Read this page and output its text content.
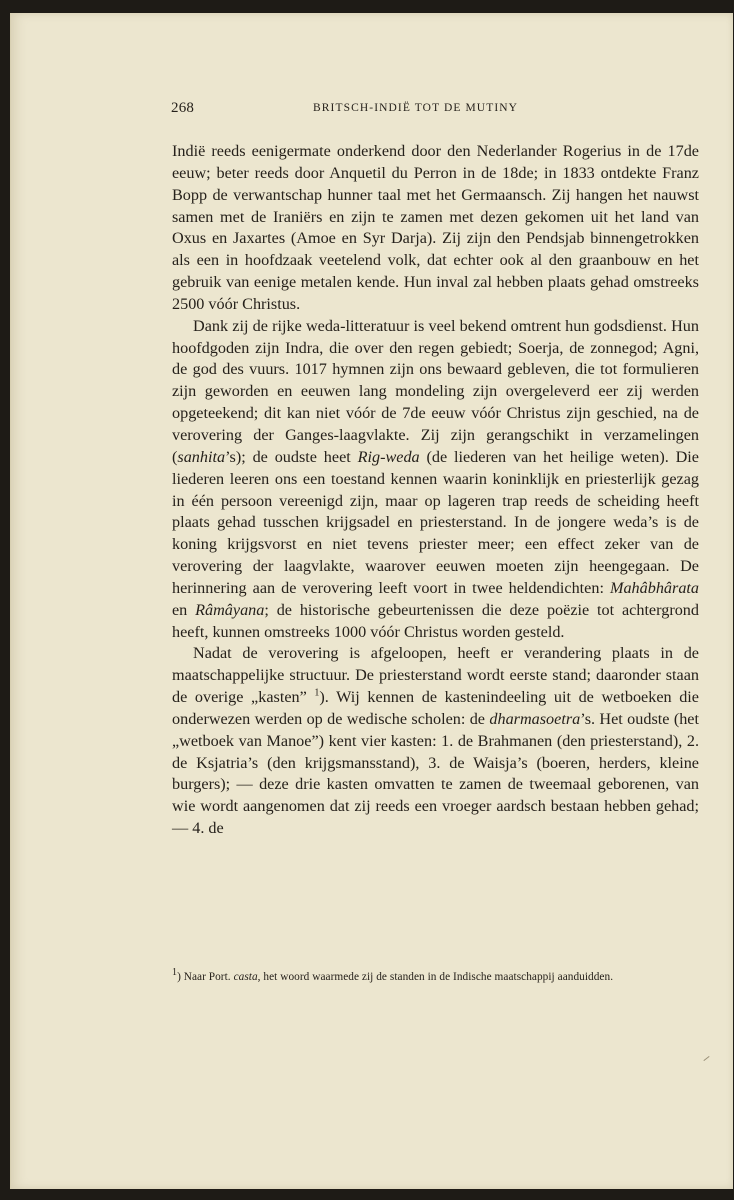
268	BRITSCH-INDIË TOT DE MUTINY

Indië reeds eenigermate onderkend door den Nederlander Rogerius in de 17de eeuw; beter reeds door Anquetil du Perron in de 18de; in 1833 ontdekte Franz Bopp de verwantschap hunner taal met het Germaansch. Zij hangen het nauwst samen met de Iraniërs en zijn te zamen met dezen gekomen uit het land van Oxus en Jaxartes (Amoe en Syr Darja). Zij zijn den Pendsjab binnengetrokken als een in hoofdzaak veetelend volk, dat echter ook al den graanbouw en het gebruik van eenige metalen kende. Hun inval zal hebben plaats gehad omstreeks 2500 vóór Christus.

Dank zij de rijke weda-litteratuur is veel bekend omtrent hun godsdienst. Hun hoofdgoden zijn Indra, die over den regen gebiedt; Soerja, de zonnegod; Agni, de god des vuurs. 1017 hymnen zijn ons bewaard gebleven, die tot formulieren zijn geworden en eeuwen lang mondeling zijn overgeleverd eer zij werden opgeteekend; dit kan niet vóór de 7de eeuw vóór Christus zijn geschied, na de verovering der Ganges-laagvlakte. Zij zijn gerangschikt in verzamelingen (sanhita’s); de oudste heet Rig-weda (de liederen van het heilige weten). Die liederen leeren ons een toestand kennen waarin koninklijk en priesterlijk gezag in één persoon vereenigd zijn, maar op lageren trap reeds de scheiding heeft plaats gehad tusschen krijgsadel en priesterstand. In de jongere weda’s is de koning krijgsvorst en niet tevens priester meer; een effect zeker van de verovering der laagvlakte, waarover eeuwen moeten zijn heengegaan. De herinnering aan de verovering leeft voort in twee heldendichten: Mahâbhârata en Râmâyana; de historische gebeurtenissen die deze poëzie tot achtergrond heeft, kunnen omstreeks 1000 vóór Christus worden gesteld.

Nadat de verovering is afgeloopen, heeft er verandering plaats in de maatschappelijke structuur. De priesterstand wordt eerste stand; daaronder staan de overige „kasten” $^1$). Wij kennen de kastenindeeling uit de wetboeken die onderwezen werden op de wedische scholen: de dharmasoetra’s. Het oudste (het „wetboek van Manoe”) kent vier kasten: 1. de Brahmanen (den priesterstand), 2. de Ksjatria’s (den krijgsmansstand), 3. de Waisja’s (boeren, herders, kleine burgers); — deze drie kasten omvatten te zamen de tweemaal geborenen, van wie wordt aangenomen dat zij reeds een vroeger aardsch bestaan hebben gehad; — 4. de

1) Naar Port. casta, het woord waarmede zij de standen in de Indische maatschappij aanduidden.
